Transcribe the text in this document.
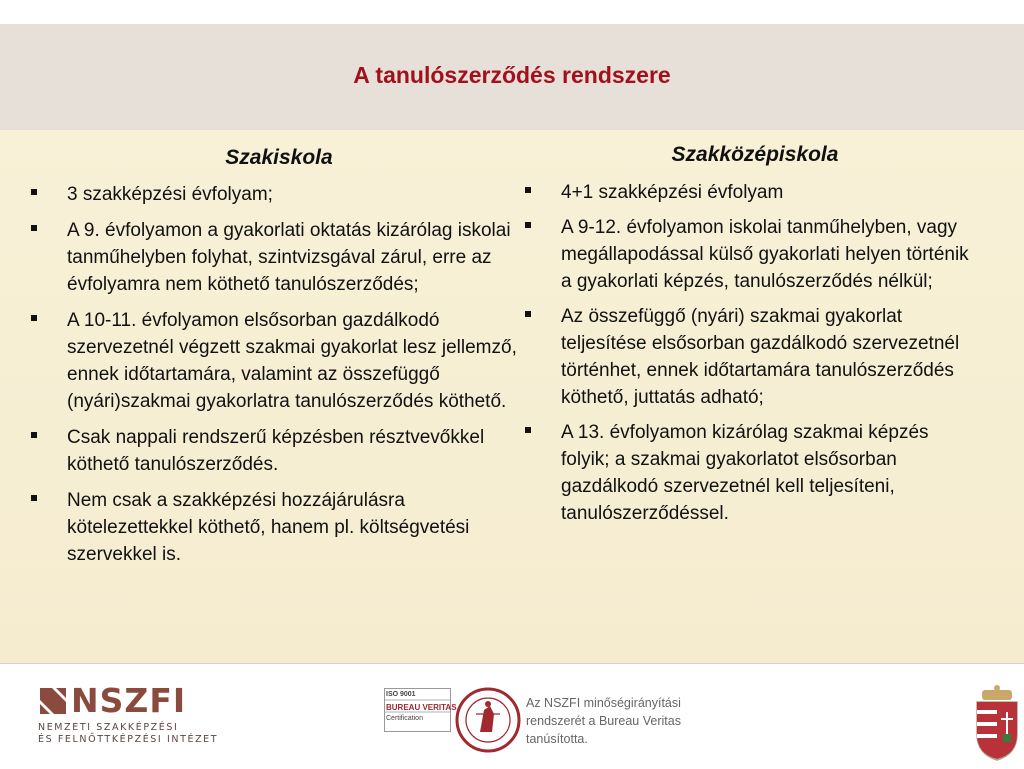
A tanulószerződés rendszere
Szakiskola
3 szakképzési évfolyam;
A 9. évfolyamon a gyakorlati oktatás kizárólag iskolai tanműhelyben folyhat, szintvizsgával zárul, erre az évfolyamra nem köthető tanulószerződés;
A 10-11. évfolyamon elsősorban gazdálkodó szervezetnél végzett szakmai gyakorlat lesz jellemző, ennek időtartamára, valamint az összefüggő (nyári)szakmai gyakorlatra tanulószerződés köthető.
Csak nappali rendszerű képzésben résztvevőkkel köthető tanulószerződés.
Nem csak a szakképzési hozzájárulásra kötelezettekkel köthető, hanem pl. költségvetési szervekkel is.
Szakközépiskola
4+1 szakképzési évfolyam
A 9-12. évfolyamon iskolai tanműhelyben, vagy megállapodással külső gyakorlati helyen történik a gyakorlati képzés, tanulószerződés nélkül;
Az összefüggő (nyári) szakmai gyakorlat teljesítése elsősorban gazdálkodó szervezetnél történhet, ennek időtartamára tanulószerződés köthető, juttatás adható;
A 13. évfolyamon kizárólag szakmai képzés folyik; a szakmai gyakorlatot elsősorban gazdálkodó szervezetnél kell teljesíteni, tanulószerződéssel.
NSZFI
NEMZETI SZAKKÉPZÉSI
ÉS FELNŐTTKÉPZÉSI INTÉZET
ISO 9001
BUREAU VERITAS
Certification
Az NSZFI minőségirányítási
rendszerét a Bureau Veritas
tanúsította.
